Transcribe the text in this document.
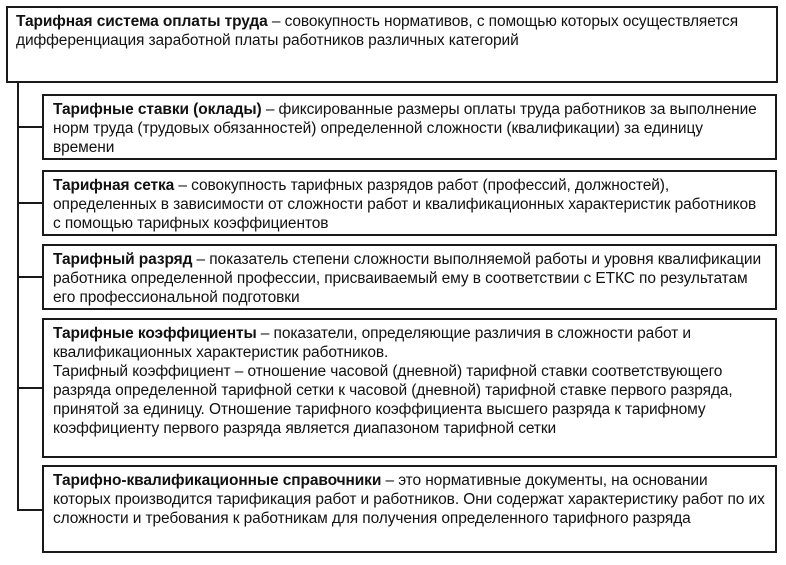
Тарифная система оплаты труда – совокупность нормативов, с помощью которых осуществляется дифференциация заработной платы работников различных категорий

Тарифные ставки (оклады) – фиксированные размеры оплаты труда работников за выполнение норм труда (трудовых обязанностей) определенной сложности (квалификации) за единицу времени

Тарифная сетка – совокупность тарифных разрядов работ (профессий, должностей), определенных в зависимости от сложности работ и квалификационных характеристик работников с помощью тарифных коэффициентов

Тарифный разряд – показатель степени сложности выполняемой работы и уровня квалификации работника определенной профессии, присваиваемый ему в соответствии с ЕТКС по результатам его профессиональной подготовки

Тарифные коэффициенты – показатели, определяющие различия в сложности работ и квалификационных характеристик работников.

Тарифный коэффициент – отношение часовой (дневной) тарифной ставки соответствующего разряда определенной тарифной сетки к часовой (дневной) тарифной ставке первого разряда, принятой за единицу. Отношение тарифного коэффициента высшего разряда к тарифному коэффициенту первого разряда является диапазоном тарифной сетки

Тарифно-квалификационные справочники – это нормативные документы, на основании которых производится тарификация работ и работников. Они содержат характеристику работ по их сложности и требования к работникам для получения определенного тарифного разряда
